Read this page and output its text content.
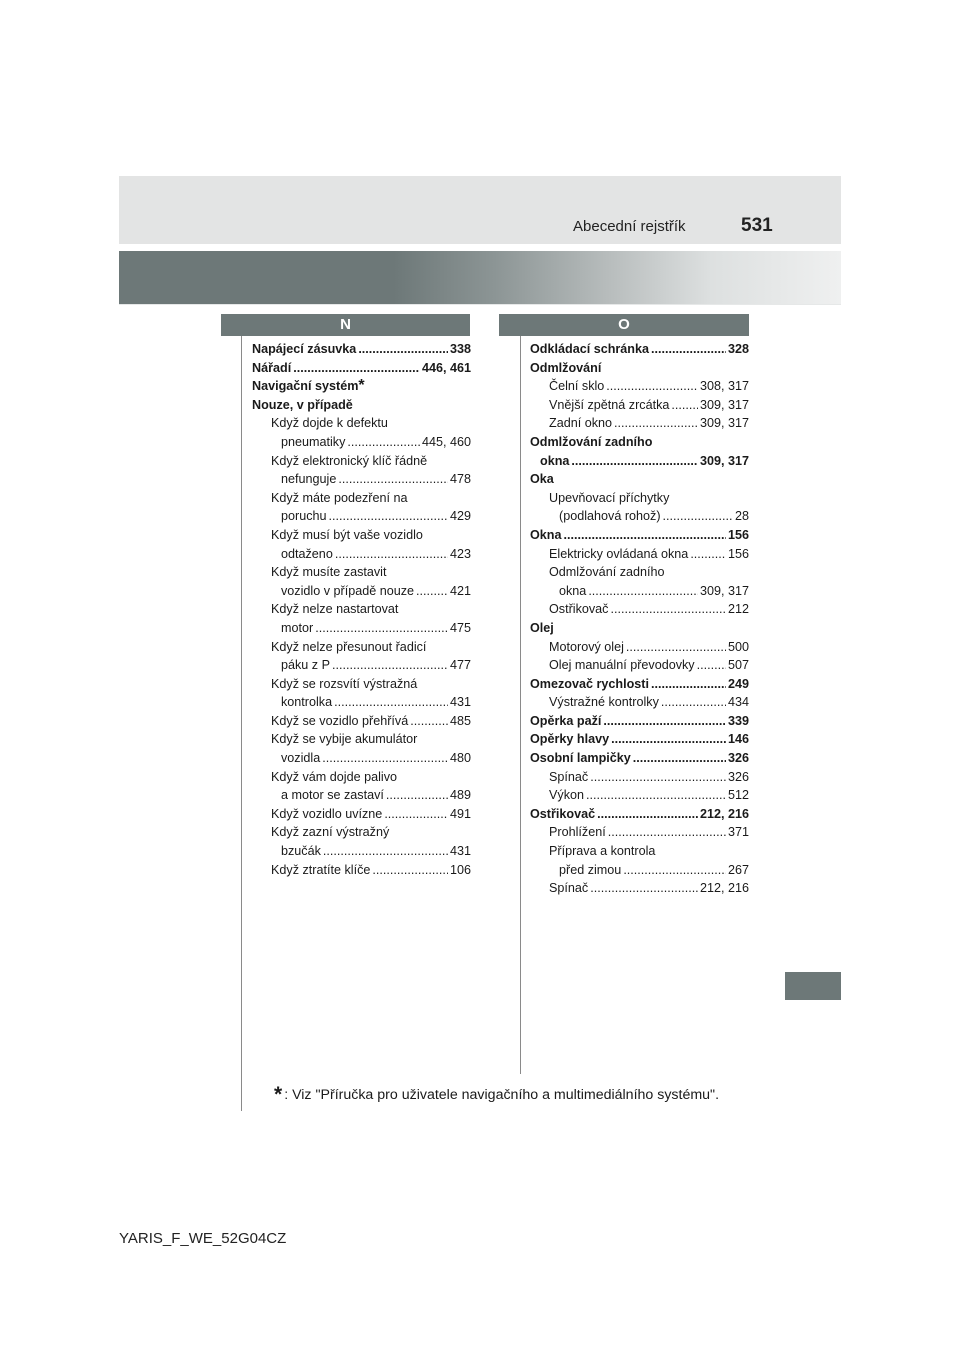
Abecední rejstřík	531
N	O
Napájecí zásuvka .....	338
Nářadí .....	446, 461
Navigační systém *
Nouze, v případě
Když dojde k defektu
pneumatiky .....	445, 460
Když elektronický klíč řádně
nefunguje .....	478
Když máte podezření na
poruchu .....	429
Když musí být vaše vozidlo
odtaženo .....	423
Když musíte zastavit
vozidlo v případě nouze .....	421
Když nelze nastartovat
motor .....	475
Když nelze přesunout řadicí
páku z P .....	477
Když se rozsvítí výstražná
kontrolka .....	431
Když se vozidlo přehřívá .....	485
Když se vybije akumulátor
vozidla .....	480
Když vám dojde palivo
a motor se zastaví .....	489
Když vozidlo uvízne .....	491
Když zazní výstražný
bzučák .....	431
Když ztratíte klíče .....	106
Odkládací schránka .....	328
Odmlžování
Čelní sklo .....	308, 317
Vnější zpětná zrcátka ..... 309, 317
Zadní okno .....	309, 317
Odmlžování zadního
okna .....	309, 317
Oka
Upevňovací příchytky
(podlahová rohož) .....	28
Okna .....	156
Elektricky ovládaná okna .....	156
Odmlžování zadního
okna .....	309, 317
Ostřikovač .....	212
Olej
Motorový olej .....	500
Olej manuální převodovky .....	507
Omezovač rychlosti .....	249
Výstražné kontrolky .....	434
Opěrka paží .....	339
Opěrky hlavy .....	146
Osobní lampičky .....	326
Spínač .....	326
Výkon .....	512
Ostřikovač .....	212, 216
Prohlížení .....	371
Příprava a kontrola
před zimou .....	267
Spínač .....	212, 216
* : Viz "Příručka pro uživatele navigačního a multimediálního systému".
YARIS_F_WE_52G04CZ
